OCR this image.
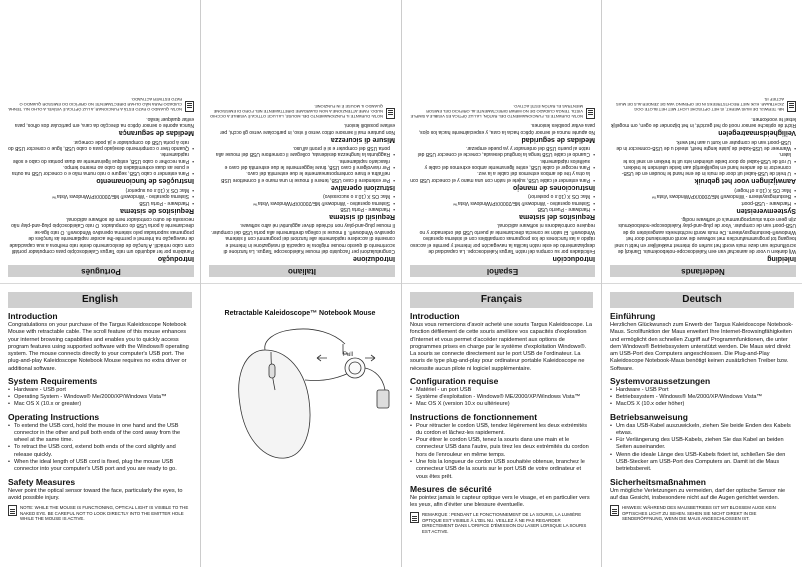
Português
Introdução
Parabéns por ter adquirido um rato Targus Caleidoscópio para computador portátil com cabo retráctil. A função de deslocamento deste rato melhora a sua capacidade de navegação na Internet e permite-lhe aceder rapidamente às funções de programas suportadas pelo sistema operativo Windows®. O rato liga-se directamente à porta USB do computador. O rato Caleidoscópio plug-and-play não necessita de outro controlador nem de software adicional.
Requisitos de sistema
• Hardware - Porta USB
• Sistema operativo - Windows® ME/2000/XP/Windows Vista™
• Mac OS X (10.x ou superior)
Instruções de funcionamento
• Para estender o cabo USB, segure o rato numa mão e o conector USB na outra e puxe as duas extremidades do cabo ao mesmo tempo.
• Para recolher o cabo USB, estique ligeiramente as duas pontas do cabo e solte rapidamente.
• Quando tiver o comprimento desejado para o cabo USB, ligue o conector USB do rato à porta USB do computador e já pode começar.
Medidas de segurança
Nunca aponte o sensor óptico na direcção da cara, em particular dos olhos, para evitar qualquer lesão.
NOTA: QUANDO O RATO ESTÁ A FUNCIONAR, A LUZ ÓPTICA É VISÍVEL A OLHO NU. TENHA CUIDADO PARA NÃO OLHAR DIRECTAMENTE NO ORIFÍCIO DO EMISSOR QUANDO O RATO ESTIVER ACTIVADO.
Italiano
Introduzione
Congratulazioni per l'acquisto del mouse Kaleidoscope Targus. La funzione di scorrimento di questo mouse migliora le capacità di navigazione in Internet e consente di accedere rapidamente alle funzioni dei programmi con il sistema operativo Windows®. Il mouse si collega direttamente alla porta USB del computer. Il mouse plug-and-play non richiede driver aggiuntivi né altro software.
Requisiti di sistema
• Hardware - Porta USB
• Sistema operativo - Windows® ME/2000/XP/Windows Vista™
• Mac OS X (10.x o successivo)
Istruzioni operative
• Per estendere il cavo USB, tenere il mouse in una mano e il connettore USB nell'altra e tirare contemporaneamente le due estremità del cavo.
• Per riavvolgere il cavo USB, tirare leggermente le due estremità del cavo e rilasciarlo rapidamente.
• Raggiunta la lunghezza desiderata, collegare il connettore USB del mouse alla porta USB del computer e si è pronti all'uso.
Misure di sicurezza
Non puntare mai il sensore ottico verso il viso, in particolare verso gli occhi, per evitare possibili lesioni.
NOTA: DURANTE IL FUNZIONAMENTO DEL MOUSE, LA LUCE OTTICA È VISIBILE A OCCHIO NUDO. FARE ATTENZIONE A NON GUARDARE DIRETTAMENTE NEL FORO DI EMISSIONE QUANDO IL MOUSE È IN FUNZIONE.
Español
Introducción
Felicidades por su compra del ratón Targus Kaleidoscope. La capacidad de desplazamiento de este ratón facilita la navegación por Internet y permite el acceso rápido a las funciones de los programas compatibles con el sistema operativo Windows®. El ratón se conecta directamente al puerto USB del ordenador y no requiere controladores ni software adicional.
Requisitos del sistema
• Hardware - Puerto USB
• Sistema operativo - Windows® ME/2000/XP/Windows Vista™
• Mac OS X (10.x o posterior)
Instrucciones de manejo
• Para extender el cable USB, sujete el ratón con una mano y el conector USB con la otra y tire de ambos extremos del cable a la vez.
• Para recoger el cable USB, estire ligeramente ambos extremos del cable y suéltelos rápidamente.
• Cuando el cable USB tenga la longitud deseada, conecte el conector USB del ratón al puerto USB del ordenador y ya puede empezar.
Medidas de seguridad
No apunte nunca el sensor óptico hacia la cara, y especialmente hacia los ojos, para evitar posibles lesiones.
NOTA: DURANTE EL FUNCIONAMIENTO DEL RATÓN, LA LUZ ÓPTICA ES VISIBLE A SIMPLE VISTA. TENGA CUIDADO DE NO MIRAR DIRECTAMENTE AL ORIFICIO DEL EMISOR MIENTRAS EL RATÓN ESTÉ ACTIVO.
Nederlands
Inleiding
Wij danken u voor de aanschaf van een Kaleidoscope-notebookmuis. Dankzij de scrollfunctie van deze muis wordt het surfen op internet makkelijker en hebt u snel toegang tot programmafuncties met software die wordt ondersteund door het Windows®-besturingssysteem. De muis wordt rechtstreeks aangesloten op de USB-poort van de computer. Voor de plug-and-play Kaleidoscope-notebookmuis zijn geen extra stuurprogramma's of software nodig.
Systeemvereisten
• Hardware - USB-poort
• Besturingssysteem - Windows® ME/2000/XP/Windows Vista™
• Mac OS X (10.x of hoger)
Aanwijzingen voor het gebruik
• U trekt de USB-kabel uit door de muis in de ene hand te houden en de USB-connector in de andere hand en tegelijkertijd aan beide uiteinden te trekken.
• U rolt de USB-kabel op door beide uiteinden iets uit te trekken en snel los te laten.
• Wanneer de USB-kabel de juiste lengte heeft, steekt u de USB-connector in de USB-poort van de computer en kunt u aan het werk.
Veiligheidsmaatregelen
Richt de optische sensor nooit op het gezicht, in het bijzonder de ogen, om mogelijk letsel te voorkomen.
NB: TERWIJL DE MUIS WERKT, IS HET OPTISCHE LICHT MET HET BLOTE OOG ZICHTBAAR. KIJK NIET RECHTSTREEKS IN DE OPENING VAN DE ZENDER ALS DE MUIS ACTIEF IS.
English
Introduction
Congratulations on your purchase of the Targus Kaleidoscope Notebook Mouse with retractable cable. The scroll feature of this mouse enhances your internet browsing capabilities and enables you to quickly access program features using supported software with the Windows® operating system. The mouse connects directly to your computer's USB port. The plug-and-play Kaleidoscope Notebook Mouse requires no extra driver or additional software.
System Requirements
• Hardware - USB port
• Operating System - Windows® Me/2000/XP/Windows Vista™
• Mac OS X (10.x or greater)
Operating Instructions
• To extend the USB cord, hold the mouse in one hand and the USB connector in the other and pull both ends of the cord away from the wheel at the same time.
• To retract the USB cord, extend both ends of the cord slightly and release quickly.
• When the ideal length of USB cord is fixed, plug the mouse USB connector into your computer's USB port and you are ready to go.
Safety Measures
Never point the optical sensor toward the face, particularly the eyes, to avoid possible injury.
NOTE: WHILE THE MOUSE IS FUNCTIONING, OPTICAL LIGHT IS VISIBLE TO THE NAKED EYE. BE CAREFUL NOT TO LOOK DIRECTLY INTO THE EMITTER HOLE WHILE THE MOUSE IS ACTIVE.
Retractable Kaleidoscope™ Notebook Mouse
Pull
Français
Introduction
Nous vous remercions d'avoir acheté une souris Targus Kaleidoscope. La fonction défilement de cette souris améliore vos capacités d'exploration d'Internet et vous permet d'accéder rapidement aux options de programmes prises en charge par le système d'exploitation Windows®. La souris se connecte directement sur le port USB de l'ordinateur. La souris de type plug-and-play pour ordinateur portable Kaleidoscope ne nécessite aucun pilote ni logiciel supplémentaire.
Configuration requise
• Matériel - un port USB
• Système d'exploitation - Windows® ME/2000/XP/Windows Vista™
• Mac OS X (version 10.x ou ultérieure)
Instructions de fonctionnement
• Pour rétracter le cordon USB, tendez légèrement les deux extrémités du cordon et lâchez-les rapidement.
• Pour étirer le cordon USB, tenez la souris dans une main et le connecteur USB dans l'autre, puis tirez les deux extrémités du cordon hors de l'enrouleur en même temps.
• Une fois la longueur de cordon USB souhaitée obtenue, branchez le connecteur USB de la souris sur le port USB de votre ordinateur et vous êtes prêt.
Mesures de sécurité
Ne pointez jamais le capteur optique vers le visage, et en particulier vers les yeux, afin d'éviter une blessure éventuelle.
REMARQUE : PENDANT LE FONCTIONNEMENT DE LA SOURIS, LA LUMIÈRE OPTIQUE EST VISIBLE À L'ŒIL NU. VEILLEZ À NE PAS REGARDER DIRECTEMENT DANS L'ORIFICE D'ÉMISSION DU LASER LORSQUE LA SOURIS EST ACTIVE.
Deutsch
Einführung
Herzlichen Glückwunsch zum Erwerb der Targus Kaleidoscope Notebook-Maus. Scrollfunktion der Maus erweitert Ihre Internet-Browsingfähigkeiten und ermöglicht den schnellen Zugriff auf Programmfunktionen, die unter dem Windows® Betriebssystem unterstützt werden. Die Maus wird direkt am USB-Port des Computers angeschlossen. Die Plug-and-Play Kaleidoscope Notebook-Maus benötigt keinen zusätzlichen Treiber bzw. Software.
Systemvoraussetzungen
• Hardware - USB Port
• Betriebssystem - Windows® Me/2000/XP/Windows Vista™
• MacOS X (10.x oder höher)
Betriebsanweisung
• Um das USB-Kabel auszuwickeln, ziehen Sie beide Enden des Kabels etwas.
• Für Verlängerung des USB-Kabels, ziehen Sie das Kabel an beiden Seiten auseinander.
• Wenn die ideale Länge des USB-Kabels fixiert ist, schließen Sie den USB-Stecker am USB-Port des Computers an. Damit ist die Maus betriebsbereit.
Sicherheitsmaßnahmen
Um mögliche Verletzungen zu vermeiden, darf der optische Sensor nie auf das Gesicht, insbesondere nicht auf die Augen gerichtet werden.
HINWEIS: WÄHREND DES MAUSBETRIEBS IST MIT BLOSSEM AUGE KEIN OPTISCHES LICHT ZU SEHEN. SEHEN SIE NICHT DIREKT IN DIE SENDERÖFFNUNG, WENN DIE MAUS ANGESCHLOSSEN IST.
